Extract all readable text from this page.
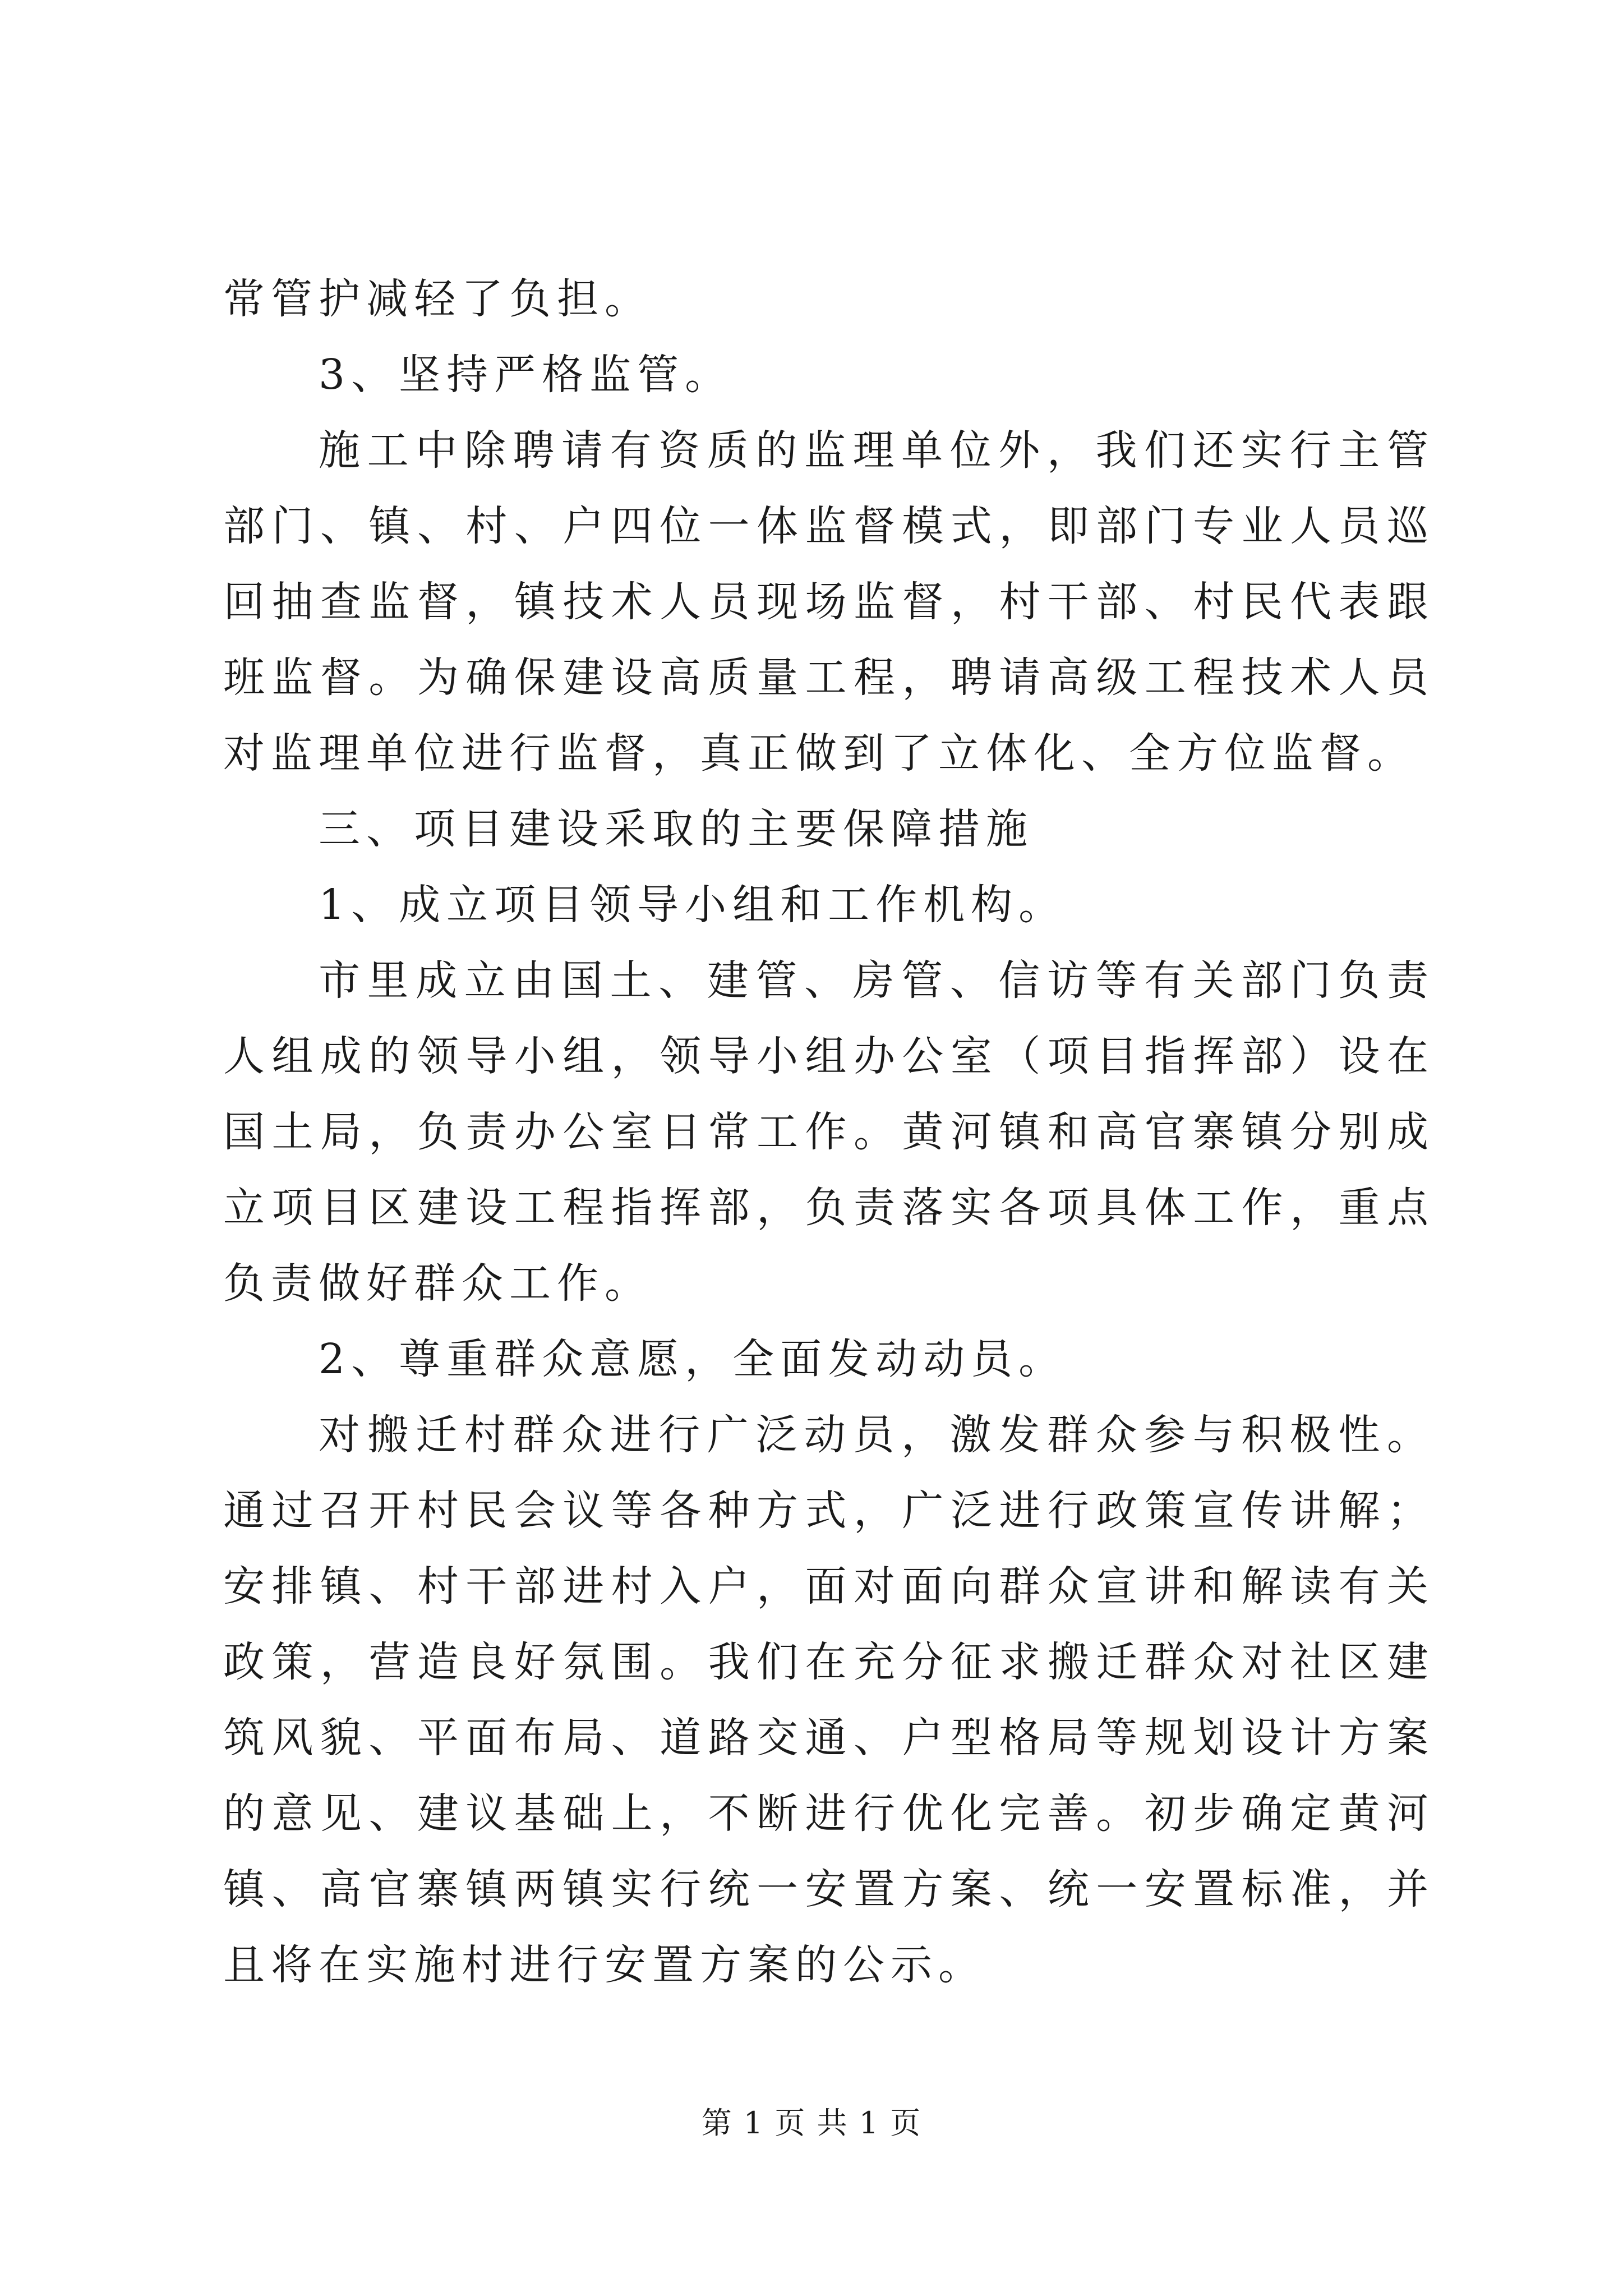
常管护减轻了负担。

3、坚持严格监管。

施工中除聘请有资质的监理单位外，我们还实行主管部门、镇、村、户四位一体监督模式，即部门专业人员巡回抽查监督，镇技术人员现场监督，村干部、村民代表跟班监督。为确保建设高质量工程，聘请高级工程技术人员对监理单位进行监督，真正做到了立体化、全方位监督。

三、项目建设采取的主要保障措施

1、成立项目领导小组和工作机构。

市里成立由国土、建管、房管、信访等有关部门负责人组成的领导小组，领导小组办公室（项目指挥部）设在国土局，负责办公室日常工作。黄河镇和高官寨镇分别成立项目区建设工程指挥部，负责落实各项具体工作，重点负责做好群众工作。

2、尊重群众意愿，全面发动动员。

对搬迁村群众进行广泛动员，激发群众参与积极性。通过召开村民会议等各种方式，广泛进行政策宣传讲解；安排镇、村干部进村入户，面对面向群众宣讲和解读有关政策，营造良好氛围。我们在充分征求搬迁群众对社区建筑风貌、平面布局、道路交通、户型格局等规划设计方案的意见、建议基础上，不断进行优化完善。初步确定黄河镇、高官寨镇两镇实行统一安置方案、统一安置标准，并且将在实施村进行安置方案的公示。

第 1 页 共 1 页
